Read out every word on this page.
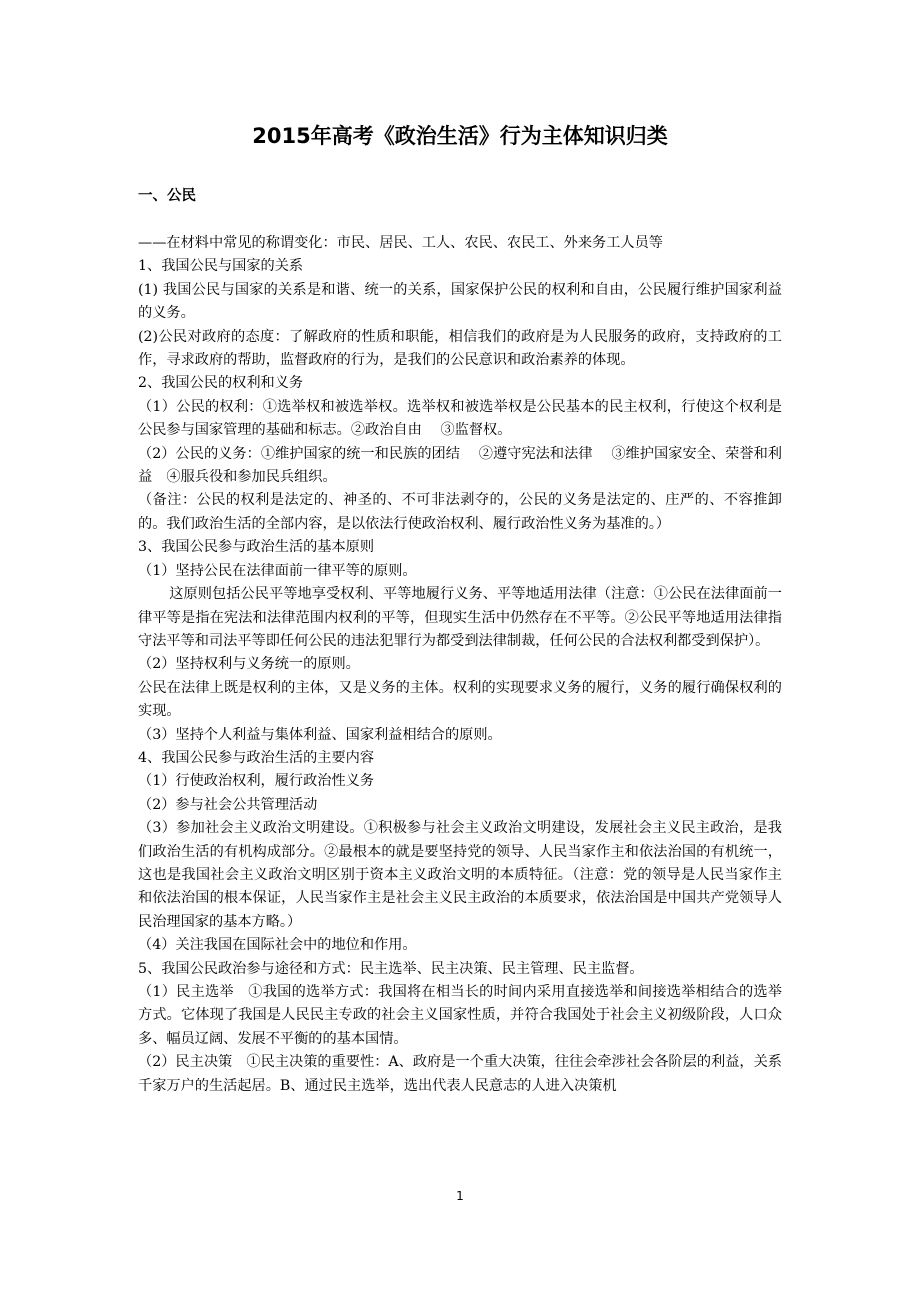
2015年高考《政治生活》行为主体知识归类
一、公民

——在材料中常见的称谓变化：市民、居民、工人、农民、农民工、外来务工人员等

1、我国公民与国家的关系

(1) 我国公民与国家的关系是和谐、统一的关系，国家保护公民的权利和自由，公民履行维护国家利益的义务。

(2)公民对政府的态度：了解政府的性质和职能，相信我们的政府是为人民服务的政府，支持政府的工作，寻求政府的帮助，监督政府的行为，是我们的公民意识和政治素养的体现。

2、我国公民的权利和义务

（1）公民的权利：①选举权和被选举权。选举权和被选举权是公民基本的民主权利，行使这个权利是公民参与国家管理的基础和标志。②政治自由　 ③监督权。

（2）公民的义务：①维护国家的统一和民族的团结　 ②遵守宪法和法律　 ③维护国家安全、荣誉和利益　④服兵役和参加民兵组织。

（备注：公民的权利是法定的、神圣的、不可非法剥夺的，公民的义务是法定的、庄严的、不容推卸的。我们政治生活的全部内容，是以依法行使政治权利、履行政治性义务为基准的。）

3、我国公民参与政治生活的基本原则

（1）坚持公民在法律面前一律平等的原则。

这原则包括公民平等地享受权利、平等地履行义务、平等地适用法律（注意：①公民在法律面前一律平等是指在宪法和法律范围内权利的平等，但现实生活中仍然存在不平等。②公民平等地适用法律指守法平等和司法平等即任何公民的违法犯罪行为都受到法律制裁，任何公民的合法权利都受到保护）。

（2）坚持权利与义务统一的原则。

公民在法律上既是权利的主体，又是义务的主体。权利的实现要求义务的履行，义务的履行确保权利的实现。

（3）坚持个人利益与集体利益、国家利益相结合的原则。

4、我国公民参与政治生活的主要内容

（1）行使政治权利，履行政治性义务

（2）参与社会公共管理活动

（3）参加社会主义政治文明建设。①积极参与社会主义政治文明建设，发展社会主义民主政治，是我们政治生活的有机构成部分。②最根本的就是要坚持党的领导、人民当家作主和依法治国的有机统一，这也是我国社会主义政治文明区别于资本主义政治文明的本质特征。（注意：党的领导是人民当家作主和依法治国的根本保证，人民当家作主是社会主义民主政治的本质要求，依法治国是中国共产党领导人民治理国家的基本方略。）

（4）关注我国在国际社会中的地位和作用。

5、我国公民政治参与途径和方式：民主选举、民主决策、民主管理、民主监督。

（1）民主选举　①我国的选举方式：我国将在相当长的时间内采用直接选举和间接选举相结合的选举方式。它体现了我国是人民民主专政的社会主义国家性质，并符合我国处于社会主义初级阶段，人口众多、幅员辽阔、发展不平衡的的基本国情。

（2）民主决策　①民主决策的重要性：A、政府是一个重大决策，往往会牵涉社会各阶层的利益，关系千家万户的生活起居。B、通过民主选举，选出代表人民意志的人进入决策机

1
